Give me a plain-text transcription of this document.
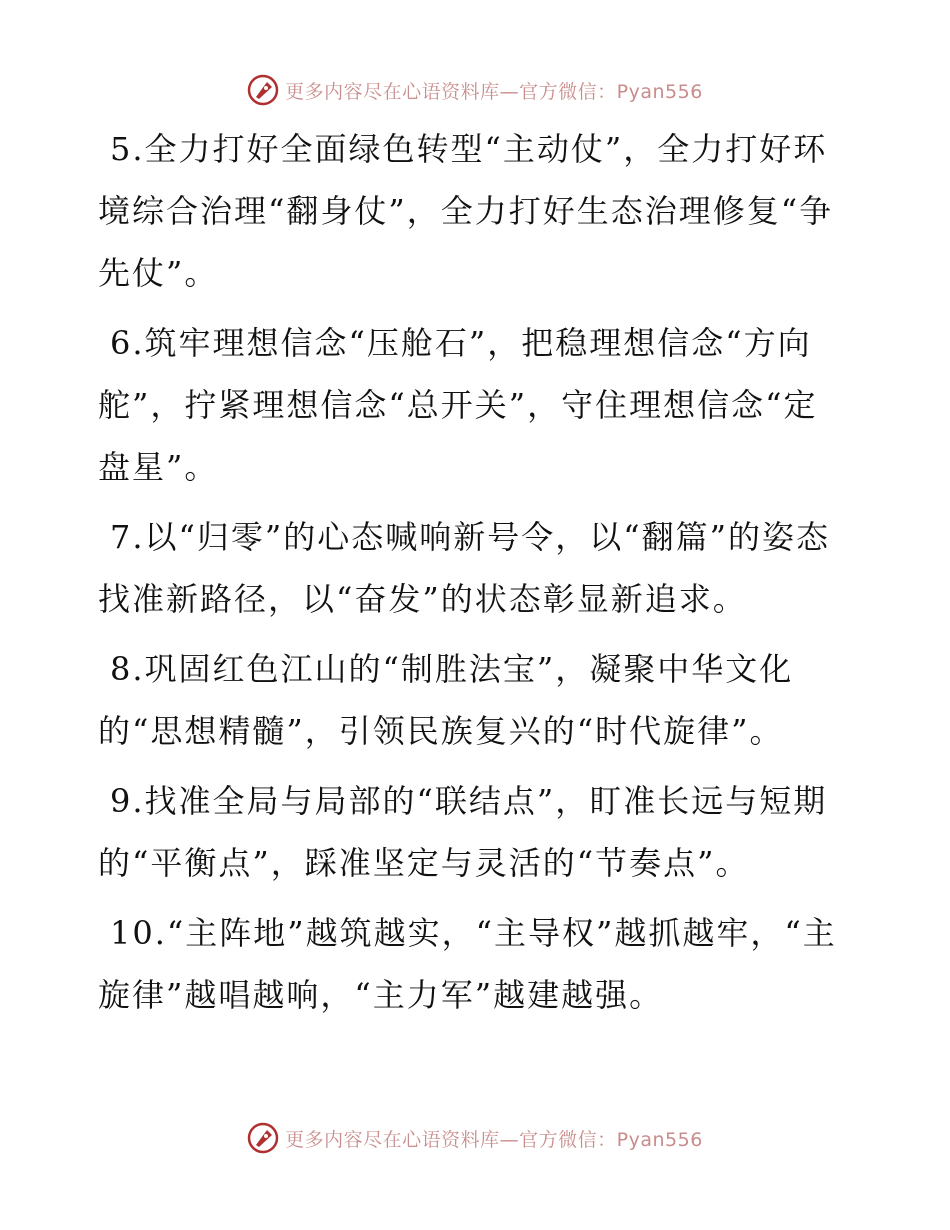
更多内容尽在心语资料库—官方微信：Pyan556

5.全力打好全面绿色转型“主动仗”，全力打好环境综合治理“翻身仗”，全力打好生态治理修复“争先仗”。

6.筑牢理想信念“压舱石”，把稳理想信念“方向舵”，拧紧理想信念“总开关”，守住理想信念“定盘星”。

7.以“归零”的心态喊响新号令，以“翻篇”的姿态找准新路径，以“奋发”的状态彰显新追求。

8.巩固红色江山的“制胜法宝”，凝聚中华文化的“思想精髓”，引领民族复兴的“时代旋律”。

9.找准全局与局部的“联结点”，盯准长远与短期的“平衡点”，踩准坚定与灵活的“节奏点”。

10.“主阵地”越筑越实，“主导权”越抓越牢，“主旋律”越唱越响，“主力军”越建越强。

更多内容尽在心语资料库—官方微信：Pyan556
